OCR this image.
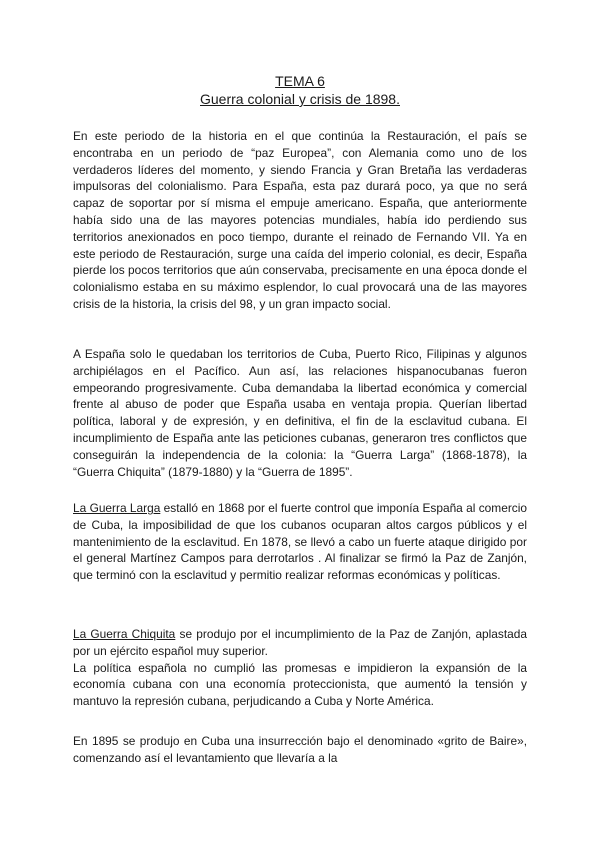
TEMA 6
Guerra colonial y crisis de 1898.

En este periodo de la historia en el que continúa la Restauración, el país se encontraba en un periodo de “paz Europea”, con Alemania como uno de los verdaderos líderes del momento, y siendo Francia y Gran Bretaña las verdaderas impulsoras del colonialismo. Para España, esta paz durará poco, ya que no será capaz de soportar por sí misma el empuje americano. España, que anteriormente había sido una de las mayores potencias mundiales, había ido perdiendo sus territorios anexionados en poco tiempo, durante el reinado de Fernando VII. Ya en este periodo de Restauración, surge una caída del imperio colonial, es decir, España pierde los pocos territorios que aún conservaba, precisamente en una época donde el colonialismo estaba en su máximo esplendor, lo cual provocará una de las mayores crisis de la historia, la crisis del 98, y un gran impacto social.

A España solo le quedaban los territorios de Cuba, Puerto Rico, Filipinas y algunos archipiélagos en el Pacífico. Aun así, las relaciones hispanocubanas fueron empeorando progresivamente. Cuba demandaba la libertad económica y comercial frente al abuso de poder que España usaba en ventaja propia. Querían libertad política, laboral y de expresión, y en definitiva, el fin de la esclavitud cubana. El incumplimiento de España ante las peticiones cubanas, generaron tres conflictos que conseguirán la independencia de la colonia: la “Guerra Larga” (1868-1878), la “Guerra Chiquita” (1879-1880) y la “Guerra de 1895”.

La Guerra Larga estalló en 1868 por el fuerte control que imponía España al comercio de Cuba, la imposibilidad de que los cubanos ocuparan altos cargos públicos y el mantenimiento de la esclavitud. En 1878, se llevó a cabo un fuerte ataque dirigido por el general Martínez Campos para derrotarlos . Al finalizar se firmó la Paz de Zanjón, que terminó con la esclavitud y permitio realizar reformas económicas y políticas.

La Guerra Chiquita se produjo por el incumplimiento de la Paz de Zanjón, aplastada por un ejército español muy superior.

La política española no cumplió las promesas e impidieron la expansión de la economía cubana con una economía proteccionista, que aumentó la tensión y mantuvo la represión cubana, perjudicando a Cuba y Norte América.

En 1895 se produjo en Cuba una insurrección bajo el denominado «grito de Baire», comenzando así el levantamiento que llevaría a la
